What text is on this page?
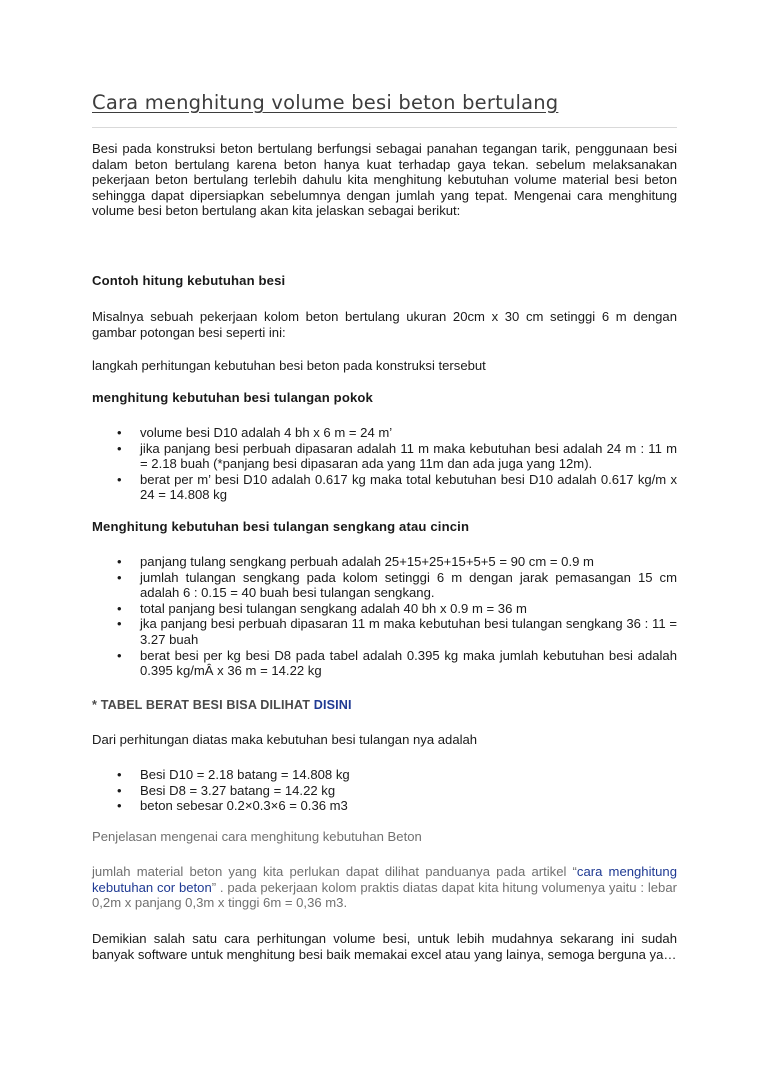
Cara menghitung volume besi beton bertulang

Besi pada konstruksi beton bertulang berfungsi sebagai panahan tegangan tarik, penggunaan besi dalam beton bertulang karena beton hanya kuat terhadap gaya tekan. sebelum melaksanakan pekerjaan beton bertulang terlebih dahulu kita menghitung kebutuhan volume material besi beton sehingga dapat dipersiapkan sebelumnya dengan jumlah yang tepat. Mengenai cara menghitung volume besi beton bertulang akan kita jelaskan sebagai berikut:

Contoh hitung kebutuhan besi

Misalnya sebuah pekerjaan kolom beton bertulang ukuran 20cm x 30 cm setinggi 6 m dengan gambar potongan besi seperti ini:

langkah perhitungan kebutuhan besi beton pada konstruksi tersebut

menghitung kebutuhan besi tulangan pokok

• volume besi D10 adalah 4 bh x 6 m = 24 m’
• jika panjang besi perbuah dipasaran adalah 11 m maka kebutuhan besi adalah 24 m : 11 m = 2.18 buah (*panjang besi dipasaran ada yang 11m dan ada juga yang 12m).
• berat per m’ besi D10 adalah 0.617 kg maka total kebutuhan besi D10 adalah 0.617 kg/m x 24 = 14.808 kg

Menghitung kebutuhan besi tulangan sengkang atau cincin

• panjang tulang sengkang perbuah adalah 25+15+25+15+5+5 = 90 cm = 0.9 m
• jumlah tulangan sengkang pada kolom setinggi 6 m dengan jarak pemasangan 15 cm adalah 6 : 0.15 = 40 buah besi tulangan sengkang.
• total panjang besi tulangan sengkang adalah 40 bh x 0.9 m = 36 m
• jka panjang besi perbuah dipasaran 11 m maka kebutuhan besi tulangan sengkang 36 : 11 = 3.27 buah
• berat besi per kg besi D8 pada tabel adalah 0.395 kg maka jumlah kebutuhan besi adalah 0.395 kg/mÂ x 36 m = 14.22 kg

* TABEL BERAT BESI BISA DILIHAT DISINI

Dari perhitungan diatas maka kebutuhan besi tulangan nya adalah

• Besi D10 = 2.18 batang = 14.808 kg
• Besi D8 = 3.27 batang = 14.22 kg
• beton sebesar 0.2×0.3×6 = 0.36 m3

Penjelasan mengenai cara menghitung kebutuhan Beton

jumlah material beton yang kita perlukan dapat dilihat panduanya pada artikel “cara menghitung kebutuhan cor beton” . pada pekerjaan kolom praktis diatas dapat kita hitung volumenya yaitu : lebar 0,2m x panjang 0,3m x tinggi 6m = 0,36 m3.

Demikian salah satu cara perhitungan volume besi, untuk lebih mudahnya sekarang ini sudah banyak software untuk menghitung besi baik memakai excel atau yang lainya, semoga berguna ya…
